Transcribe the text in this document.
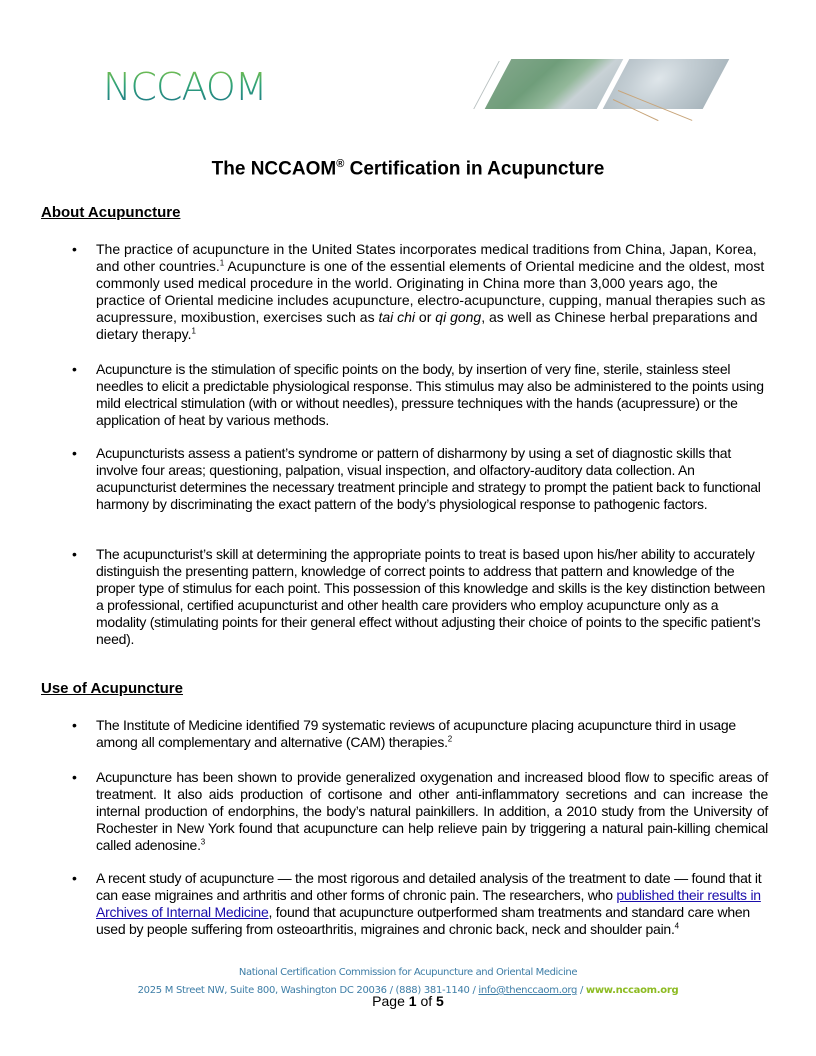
NCCAOM
The NCCAOM® Certification in Acupuncture
About Acupuncture
• The practice of acupuncture in the United States incorporates medical traditions from China, Japan, Korea, and other countries.$^1$ Acupuncture is one of the essential elements of Oriental medicine and the oldest, most commonly used medical procedure in the world. Originating in China more than 3,000 years ago, the practice of Oriental medicine includes acupuncture, electro-acupuncture, cupping, manual therapies such as acupressure, moxibustion, exercises such as tai chi or qi gong, as well as Chinese herbal preparations and dietary therapy.$^1$
• Acupuncture is the stimulation of specific points on the body, by insertion of very fine, sterile, stainless steel needles to elicit a predictable physiological response. This stimulus may also be administered to the points using mild electrical stimulation (with or without needles), pressure techniques with the hands (acupressure) or the application of heat by various methods.
• Acupuncturists assess a patient’s syndrome or pattern of disharmony by using a set of diagnostic skills that involve four areas; questioning, palpation, visual inspection, and olfactory-auditory data collection. An acupuncturist determines the necessary treatment principle and strategy to prompt the patient back to functional harmony by discriminating the exact pattern of the body’s physiological response to pathogenic factors.
• The acupuncturist’s skill at determining the appropriate points to treat is based upon his/her ability to accurately distinguish the presenting pattern, knowledge of correct points to address that pattern and knowledge of the proper type of stimulus for each point. This possession of this knowledge and skills is the key distinction between a professional, certified acupuncturist and other health care providers who employ acupuncture only as a modality (stimulating points for their general effect without adjusting their choice of points to the specific patient’s need).
Use of Acupuncture
• The Institute of Medicine identified 79 systematic reviews of acupuncture placing acupuncture third in usage among all complementary and alternative (CAM) therapies.$^2$
• Acupuncture has been shown to provide generalized oxygenation and increased blood flow to specific areas of treatment. It also aids production of cortisone and other anti-inflammatory secretions and can increase the internal production of endorphins, the body’s natural painkillers. In addition, a 2010 study from the University of Rochester in New York found that acupuncture can help relieve pain by triggering a natural pain-killing chemical called adenosine.$^3$
• A recent study of acupuncture — the most rigorous and detailed analysis of the treatment to date — found that it can ease migraines and arthritis and other forms of chronic pain. The researchers, who published their results in Archives of Internal Medicine, found that acupuncture outperformed sham treatments and standard care when used by people suffering from osteoarthritis, migraines and chronic back, neck and shoulder pain.$^4$
National Certification Commission for Acupuncture and Oriental Medicine
2025 M Street NW, Suite 800, Washington DC 20036 / (888) 381-1140 / info@thenccaom.org / www.nccaom.org
Page 1 of 5
